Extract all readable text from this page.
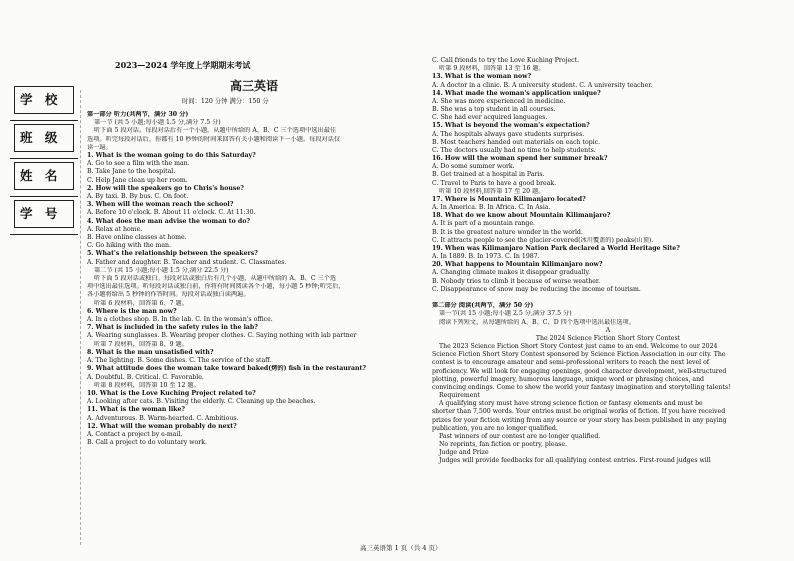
学 校
班 级
姓 名
学 号
2023—2024 学年度上学期期末考试
高三英语
时间：120 分钟 满分：150 分
第一部分 听力(共两节，满分 30 分)
第一节 (共 5 小题;每小题 1.5 分,满分 7.5 分)
听下面 5 段对话。每段对话后有一个小题，从题中所给的 A、B、C 三个选项中选出最佳
选项。听完每段对话后，你都有 10 秒钟的时间来回答有关小题和阅读下一小题。每段对话仅
读一遍。
1. What is the woman going to do this Saturday?
A. Go to see a film with the man.
B. Take Jane to the hospital.
C. Help Jane clean up her room.
2. How will the speakers go to Chris's house?
A. By taxi. B. By bus. C. On foot.
3. When will the woman reach the school?
A. Before 10 o'clock. B. About 11 o'clock. C. At 11:30.
4. What does the man advise the woman to do?
A. Relax at home.
B. Have online classes at home.
C. Go hiking with the man.
5. What's the relationship between the speakers?
A. Father and daughter. B. Teacher and student. C. Classmates.
第二节 (共 15 小题;每小题 1.5 分,满分 22.5 分)
听下面 5 段对话或独白。每段对话或独白后有几个小题，从题中所给的 A、B、C 三个选
项中选出最佳选项。听每段对话或独白前，你将有时间阅读各个小题，每小题 5 秒钟;听完后，
各小题将给出 5 秒钟的作答时间。每段对话或独白读两遍。
听第 6 段材料，回答第 6、7 题。
6. Where is the man now?
A. In a clothes shop. B. In the lab. C. In the woman's office.
7. What is included in the safety rules in the lab?
A. Wearing sunglasses. B. Wearing proper clothes. C. Saying nothing with lab partner
听第 7 段材料，回答第 8、9 题。
8. What is the man unsatisfied with?
A. The lighting. B. Some dishes. C. The service of the staff.
9. What attitude does the woman take toward baked(烤的) fish in the restaurant?
A. Doubtful. B. Critical. C. Favorable.
听第 8 段材料，回答第 10 至 12 题。
10. What is the Love Kuching Project related to?
A. Looking after cats. B. Visiting the elderly. C. Cleaning up the beaches.
11. What is the woman like?
A. Adventurous. B. Warm-hearted. C. Ambitious.
12. What will the woman probably do next?
A. Contact a project by e-mail.
B. Call a project to do voluntary work.
C. Call friends to try the Love Kuching Project.
听第 9 段材料，回答第 13 至 16 题。
13. What is the woman now?
A. A doctor in a clinic. B. A university student. C. A university teacher.
14. What made the woman's application unique?
A. She was more experienced in medicine.
B. She was a top student in all courses.
C. She had ever acquired languages.
15. What is beyond the woman's expectation?
A. The hospitals always gave students surprises.
B. Most teachers handed out materials on each topic.
C. The doctors usually had no time to help students.
16. How will the woman spend her summer break?
A. Do some summer work.
B. Get trained at a hospital in Paris.
C. Travel to Paris to have a good break.
听第 10 段材料,回答第 17 至 20 题。
17. Where is Mountain Kilimanjaro located?
A. In America. B. In Africa. C. In Asia.
18. What do we know about Mountain Kilimanjaro?
A. It is part of a mountain range.
B. It is the greatest nature wonder in the world.
C. It attracts people to see the glacier-covered(冰川覆盖的) peaks(山顶).
19. When was Kilimanjaro Nation Park declared a World Heritage Site?
A. In 1889. B. In 1973. C. In 1987.
20. What happens to Mountain Kilimanjaro now?
A. Changing climate makes it disappear gradually.
B. Nobody tries to climb it because of worse weather.
C. Disappearance of snow may be reducing the income of tourism.

第二部分 阅读(共两节，满分 50 分)
第一节(共 15 小题;每小题 2.5 分,满分 37.5 分)
阅读下列短文，从每题所给的 A、B、C、D 四个选项中选出最佳选项。
A
The 2024 Science Fiction Short Story Contest
The 2023 Science Fiction Short Story Contest just came to an end. Welcome to our 2024
Science Fiction Short Story Contest sponsored by Science Fiction Association in our city. The
contest is to encourage amateur and semi-professional writers to reach the next level of
proficiency. We will look for engaging openings, good character development, well-structured
plotting, powerful imagery, humorous language, unique word or phrasing choices, and
convincing endings. Come to show the world your fantasy imagination and storytelling talents!
Requirement
A qualifying story must have strong science fiction or fantasy elements and must be
shorter than 7,500 words. Your entries must be original works of fiction. If you have received
prizes for your fiction writing from any source or your story has been published in any paying
publication, you are no longer qualified.
Past winners of our contest are no longer qualified.
No reprints, fan fiction or poetry, please.
Judge and Prize
Judges will provide feedbacks for all qualifying contest entries. First-round judges will
高三英语第 1 页（共 4 页）
